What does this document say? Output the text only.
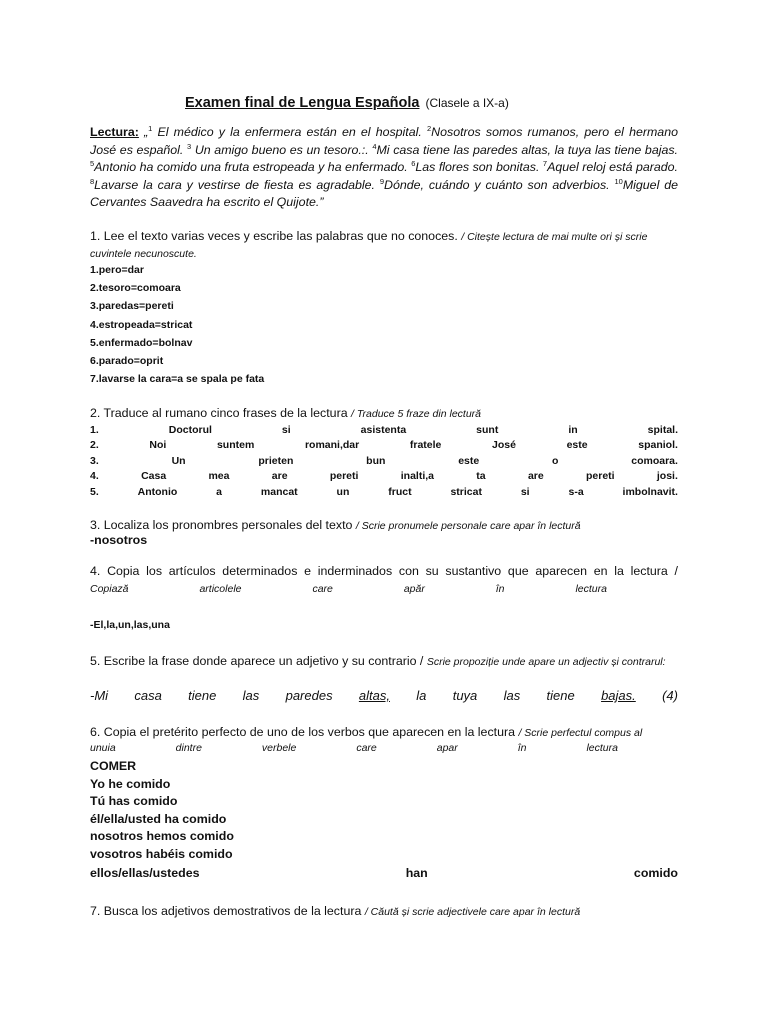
Examen final de Lengua Española (Clasele a IX-a)
Lectura: „$^1$ El médico y la enfermera están en el hospital. $^2$Nosotros somos rumanos, pero el hermano José es español. $^3$ Un amigo bueno es un tesoro.:. $^4$Mi casa tiene las paredes altas, la tuya las tiene bajas. $^5$Antonio ha comido una fruta estropeada y ha enfermado. $^6$Las flores son bonitas. $^7$Aquel reloj está parado. $^8$Lavarse la cara y vestirse de fiesta es agradable. $^9$Dónde, cuándo y cuánto son adverbios. $^{10}$Miguel de Cervantes Saavedra ha escrito el Quijote.”
1. Lee el texto varias veces y escribe las palabras que no conoces. / Citește lectura de mai multe ori și scrie cuvintele necunoscute.
1.pero=dar
2.tesoro=comoara
3.paredas=pereti
4.estropeada=stricat
5.enfermado=bolnav
6.parado=oprit
7.lavarse la cara=a se spala pe fata
2. Traduce al rumano cinco frases de la lectura / Traduce 5 fraze din lectură
1.	Doctorul	si	asistenta	sunt	in	spital.
2.	Noi	suntem	romani,dar	fratele	José	este	spaniol.
3.	Un	prieten	bun	este	o	comoara.
4.	Casa	mea	are	pereti	inalti,a	ta	are	pereti	josi.
5.	Antonio	a	mancat	un	fruct	stricat	si	s-a	imbolnavit.
3. Localiza los pronombres personales del texto / Scrie pronumele personale care apar în lectură
-nosotros
4. Copia los artículos determinados e inderminados con su sustantivo que aparecen en la lectura /
Copiază	articolele	care	apăr	în	lectura
-El,la,un,las,una
5. Escribe la frase donde aparece un adjetivo y su contrario / Scrie propoziție unde apare un adjectiv și contrarul:
-Mi casa tiene las paredes altas, la tuya las tiene bajas. (4)
6. Copia el pretérito perfecto de uno de los verbos que aparecen en la lectura / Scrie perfectul compus al
unuia	dintre	verbele	care	apar	în	lectura
COMER
Yo he comido
Tú has comido
él/ella/usted ha comido
nosotros hemos comido
vosotros habéis comido
ellos/ellas/ustedes	han	comido
7. Busca los adjetivos demostrativos de la lectura / Căută și scrie adjectivele care apar în lectură
